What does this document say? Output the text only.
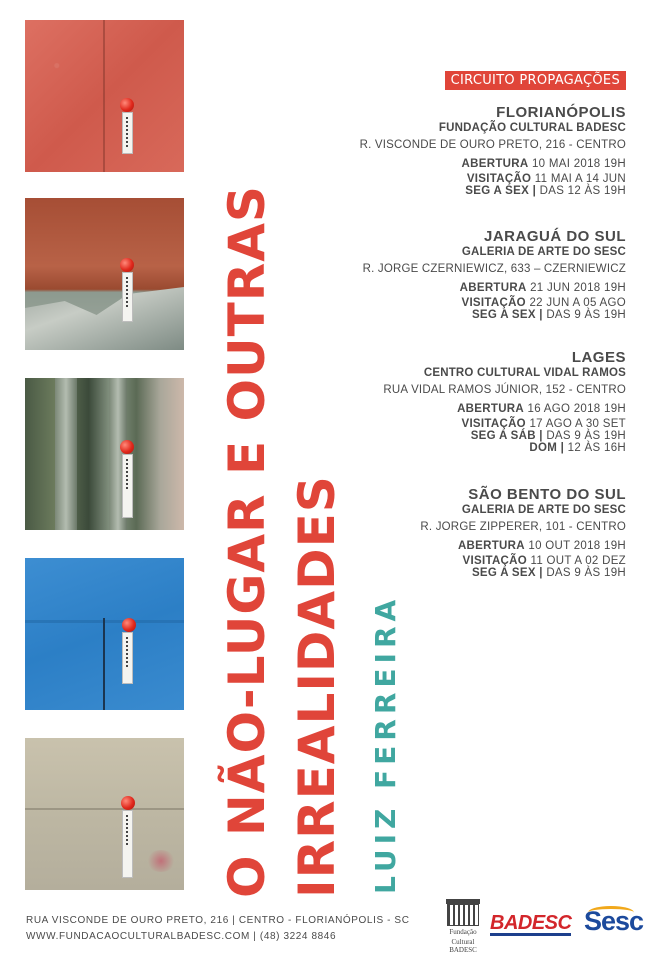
O NÃO-LUGAR E OUTRAS IRREALIDADES LUIZ FERREIRA
CIRCUITO PROPAGAÇÕES
FLORIANÓPOLIS
FUNDAÇÃO CULTURAL BADESC
R. VISCONDE DE OURO PRETO, 216 - CENTRO
ABERTURA 10 MAI 2018 19H
VISITAÇÃO 11 MAI A 14 JUN
SEG A SEX | DAS 12 ÀS 19H
JARAGUÁ DO SUL
GALERIA DE ARTE DO SESC
R. JORGE CZERNIEWICZ, 633 – CZERNIEWICZ
ABERTURA 21 JUN 2018 19H
VISITAÇÃO 22 JUN A 05 AGO
SEG A SEX | DAS 9 ÀS 19H
LAGES
CENTRO CULTURAL VIDAL RAMOS
RUA VIDAL RAMOS JÚNIOR, 152 - CENTRO
ABERTURA 16 AGO 2018 19H
VISITAÇÃO 17 AGO A 30 SET
SEG A SÁB | DAS 9 ÀS 19H
DOM | 12 ÀS 16H
SÃO BENTO DO SUL
GALERIA DE ARTE DO SESC
R. JORGE ZIPPERER, 101 - CENTRO
ABERTURA 10 OUT 2018 19H
VISITAÇÃO 11 OUT A 02 DEZ
SEG A SEX | DAS 9 ÀS 19H
RUA VISCONDE DE OURO PRETO, 216 | CENTRO - FLORIANÓPOLIS - SC
WWW.FUNDACAOCULTURALBADESC.COM | (48) 3224 8846	Fundação
Cultural BADESC
BADESC Sesc
